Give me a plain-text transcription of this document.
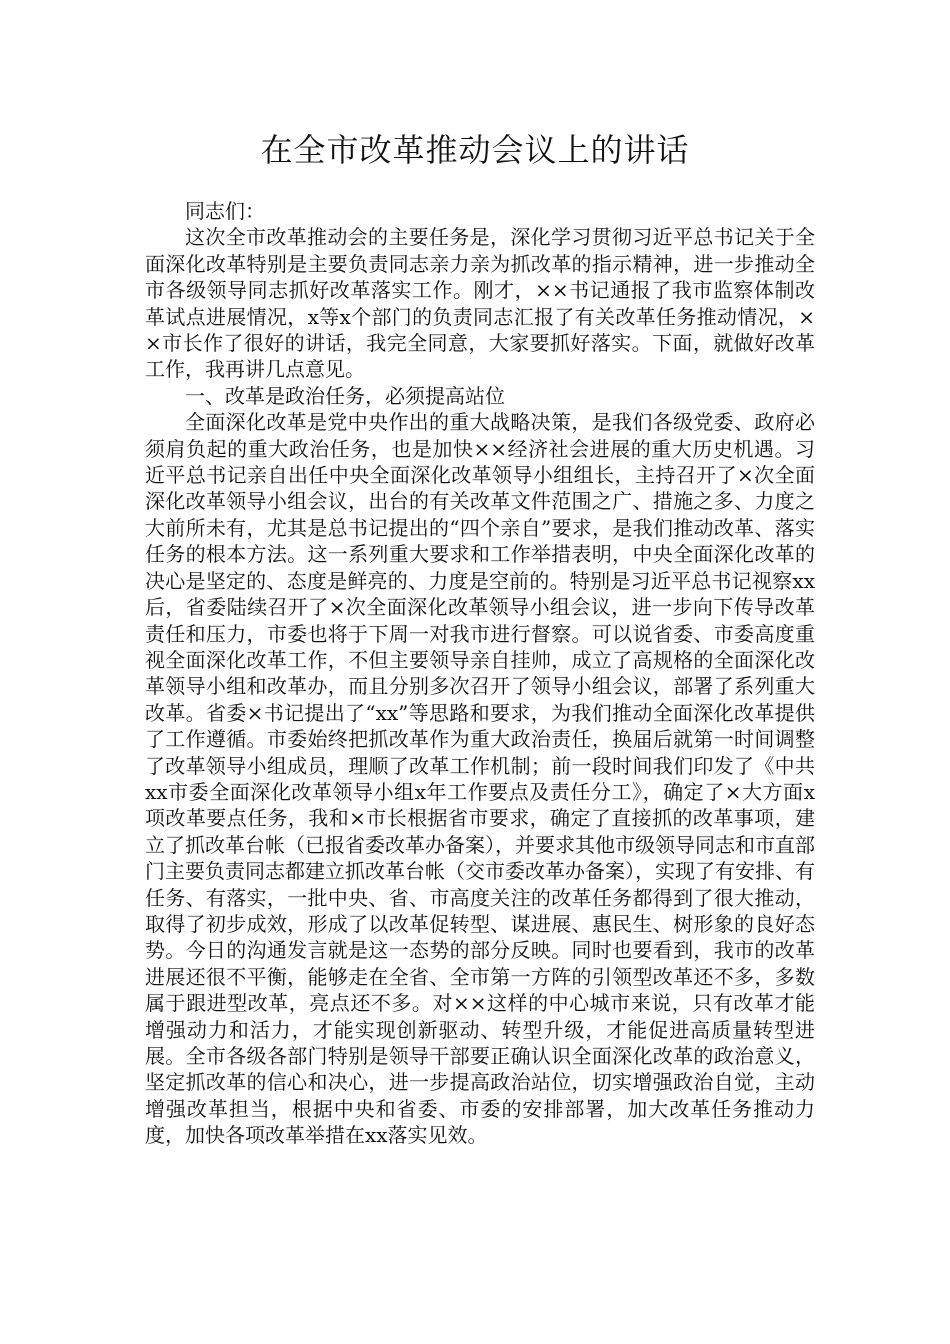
在全市改革推动会议上的讲话

同志们：

这次全市改革推动会的主要任务是，深化学习贯彻习近平总书记关于全面深化改革特别是主要负责同志亲力亲为抓改革的指示精神，进一步推动全市各级领导同志抓好改革落实工作。刚才，××书记通报了我市监察体制改革试点进展情况，x等x个部门的负责同志汇报了有关改革任务推动情况，××市长作了很好的讲话，我完全同意，大家要抓好落实。下面，就做好改革工作，我再讲几点意见。

一、改革是政治任务，必须提高站位

全面深化改革是党中央作出的重大战略决策，是我们各级党委、政府必须肩负起的重大政治任务，也是加快××经济社会进展的重大历史机遇。习近平总书记亲自出任中央全面深化改革领导小组组长，主持召开了×次全面深化改革领导小组会议，出台的有关改革文件范围之广、措施之多、力度之大前所未有，尤其是总书记提出的“四个亲自”要求，是我们推动改革、落实任务的根本方法。这一系列重大要求和工作举措表明，中央全面深化改革的决心是坚定的、态度是鲜亮的、力度是空前的。特别是习近平总书记视察xx后，省委陆续召开了×次全面深化改革领导小组会议，进一步向下传导改革责任和压力，市委也将于下周一对我市进行督察。可以说省委、市委高度重视全面深化改革工作，不但主要领导亲自挂帅，成立了高规格的全面深化改革领导小组和改革办，而且分别多次召开了领导小组会议，部署了系列重大改革。省委×书记提出了“xx”等思路和要求，为我们推动全面深化改革提供了工作遵循。市委始终把抓改革作为重大政治责任，换届后就第一时间调整了改革领导小组成员，理顺了改革工作机制；前一段时间我们印发了《中共xx市委全面深化改革领导小组x年工作要点及责任分工》，确定了×大方面x项改革要点任务，我和×市长根据省市要求，确定了直接抓的改革事项，建立了抓改革台帐（已报省委改革办备案），并要求其他市级领导同志和市直部门主要负责同志都建立抓改革台帐（交市委改革办备案），实现了有安排、有任务、有落实，一批中央、省、市高度关注的改革任务都得到了很大推动，取得了初步成效，形成了以改革促转型、谋进展、惠民生、树形象的良好态势。今日的沟通发言就是这一态势的部分反映。同时也要看到，我市的改革进展还很不平衡，能够走在全省、全市第一方阵的引领型改革还不多，多数属于跟进型改革，亮点还不多。对××这样的中心城市来说，只有改革才能增强动力和活力，才能实现创新驱动、转型升级，才能促进高质量转型进展。全市各级各部门特别是领导干部要正确认识全面深化改革的政治意义，坚定抓改革的信心和决心，进一步提高政治站位，切实增强政治自觉，主动增强改革担当，根据中央和省委、市委的安排部署，加大改革任务推动力度，加快各项改革举措在xx落实见效。
